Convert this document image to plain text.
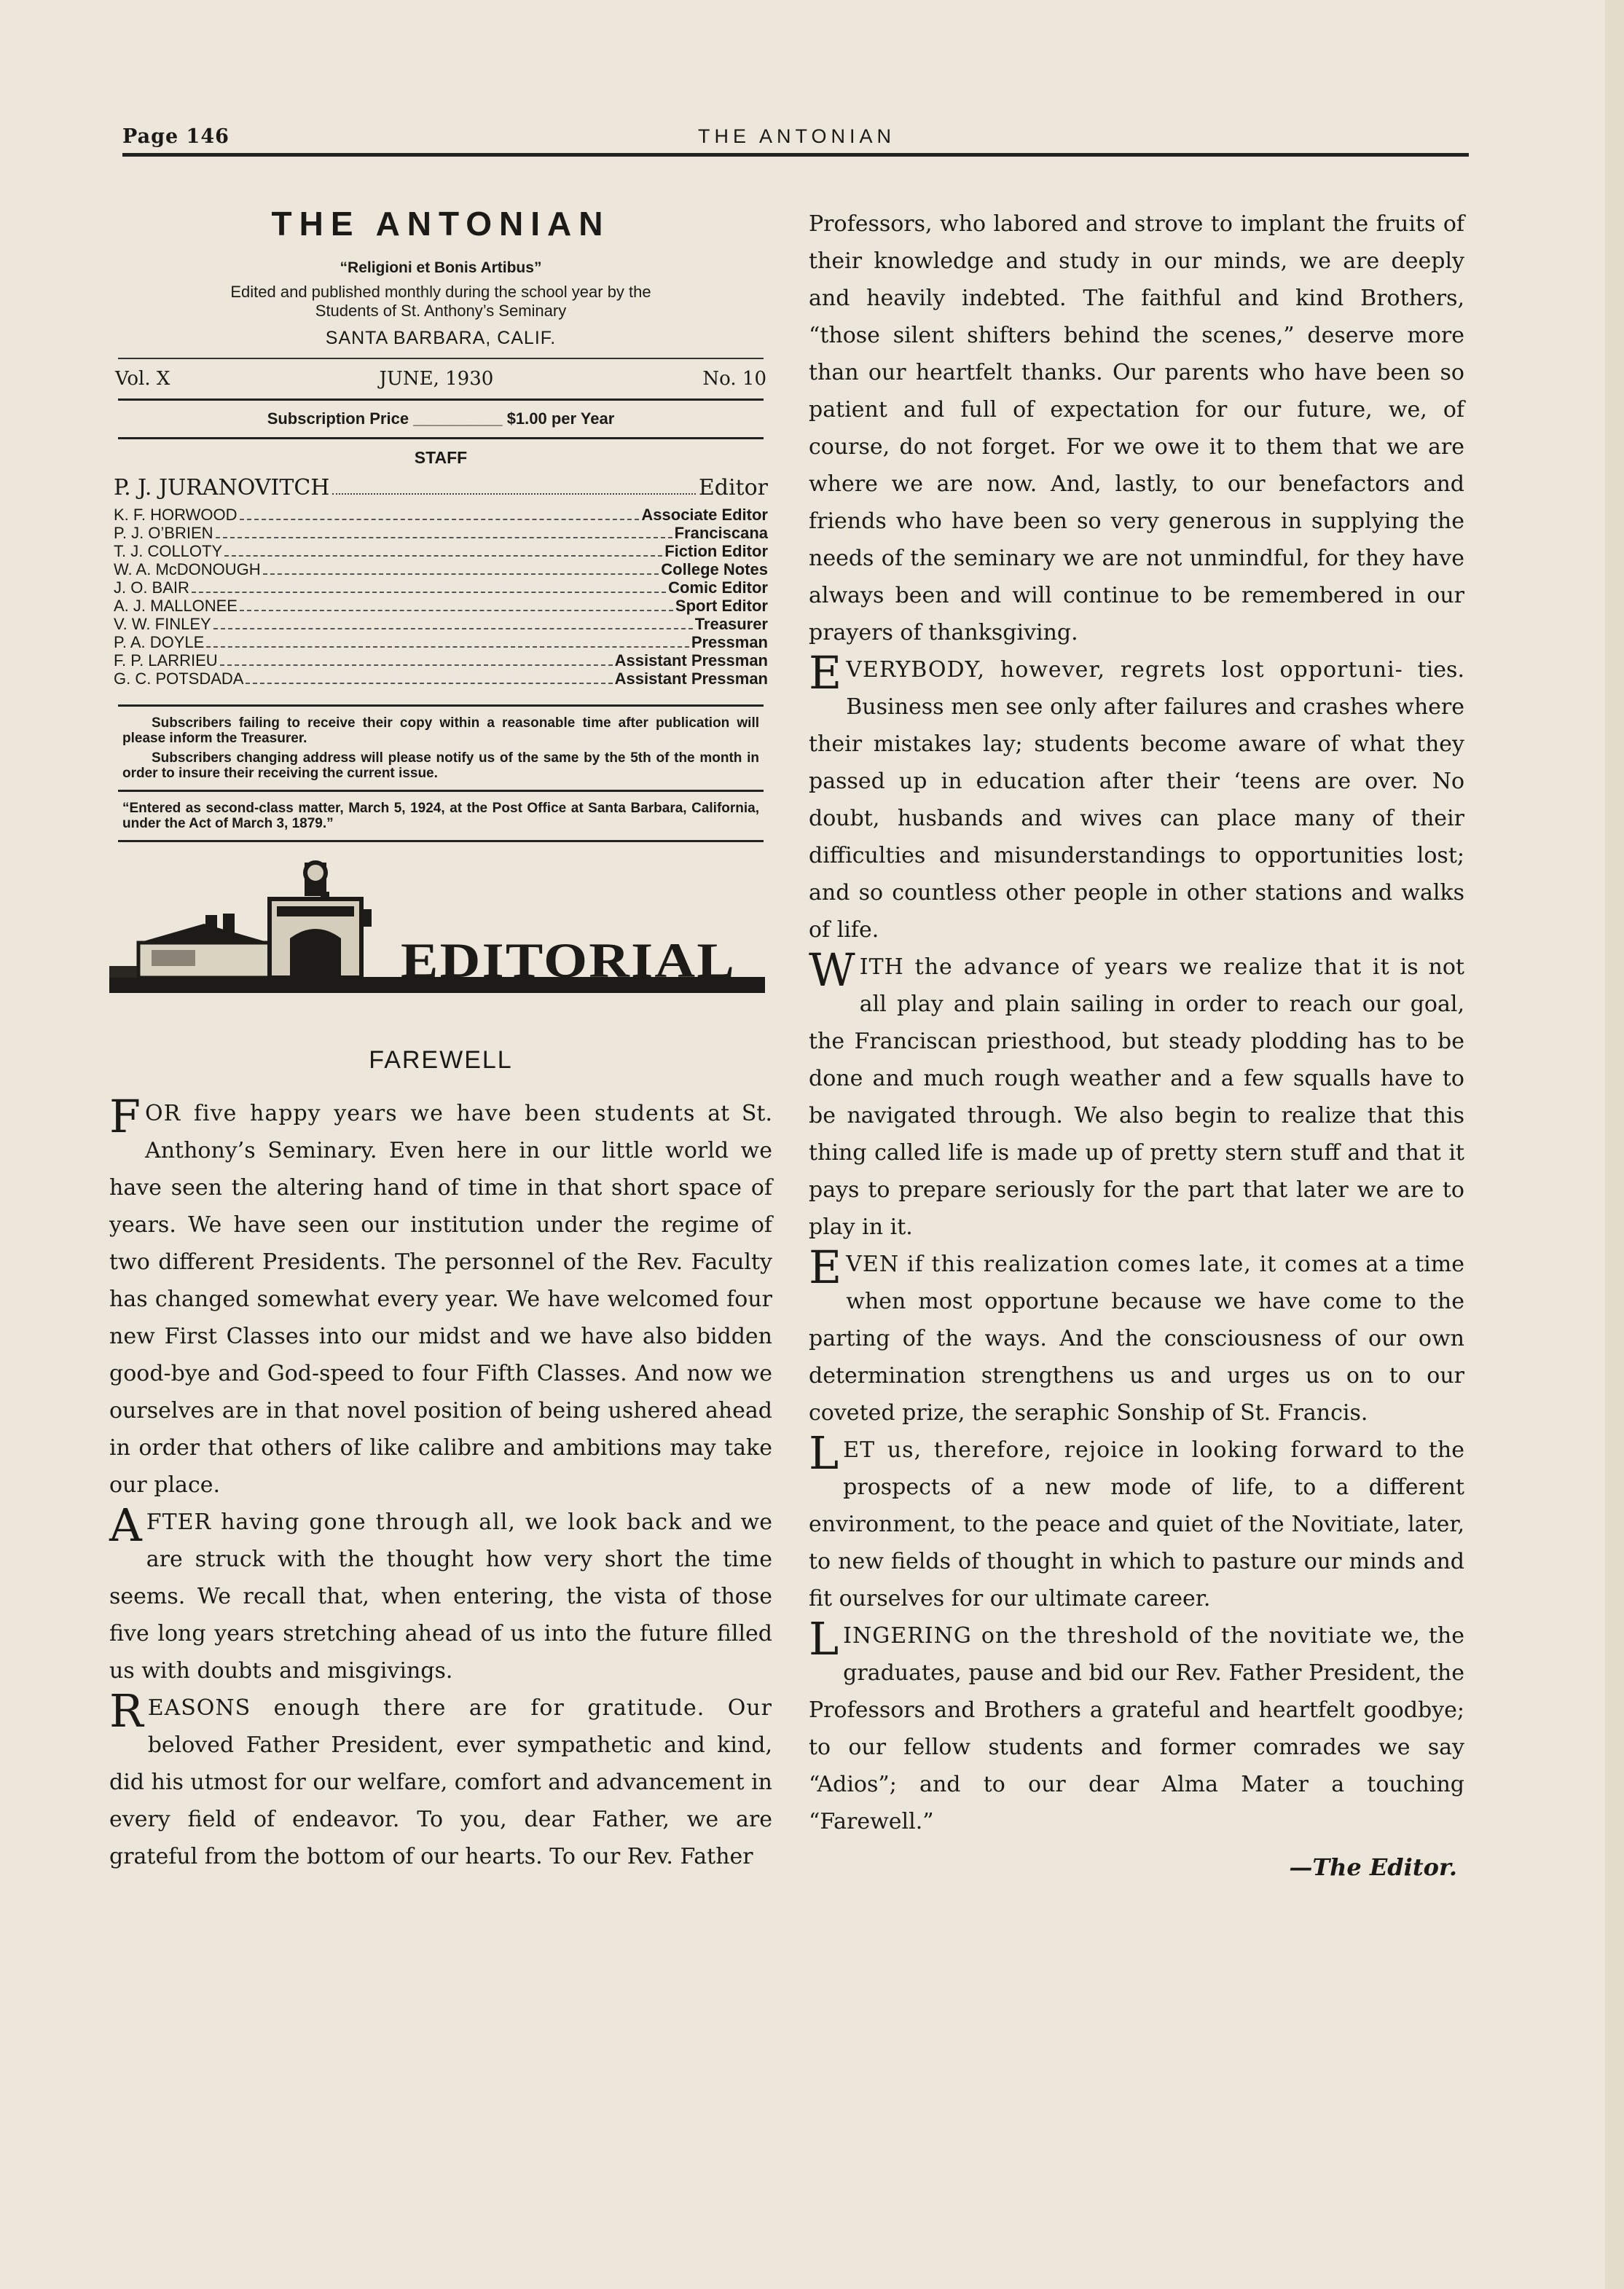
Page 146	THE ANTONIAN
THE ANTONIAN
“Religioni et Bonis Artibus”
Edited and published monthly during the school year by the
Students of St. Anthony’s Seminary
SANTA BARBARA, CALIF.
Vol. X	JUNE, 1930	No. 10
Subscription Price __________ $1.00 per Year
STAFF
P. J. JURANOVITCH	Editor
K. F. HORWOOD	Associate Editor
P. J. O’BRIEN	Franciscana
T. J. COLLOTY	Fiction Editor
W. A. McDONOUGH	College Notes
J. O. BAIR	Comic Editor
A. J. MALLONEE	Sport Editor
V. W. FINLEY	Treasurer
P. A. DOYLE	Pressman
F. P. LARRIEU	Assistant Pressman
G. C. POTSDADA	Assistant Pressman
Subscribers failing to receive their copy within a reasonable time after publication will please inform the Treasurer.
Subscribers changing address will please notify us of the same by the 5th of the month in order to insure their receiving the current issue.
“Entered as second-class matter, March 5, 1924, at the Post Office at Santa Barbara, California, under the Act of March 3, 1879.”
EDITORIAL
FAREWELL

FOR five happy years we have been students at St. Anthony’s Seminary. Even here in our little world we have seen the altering hand of time in that short space of years. We have seen our institution under the regime of two different Presidents. The personnel of the Rev. Faculty has changed somewhat every year. We have welcomed four new First Classes into our midst and we have also bidden good-bye and God-speed to four Fifth Classes. And now we ourselves are in that novel position of being ushered ahead in order that others of like calibre and ambitions may take our place.

AFTER having gone through all, we look back and we are struck with the thought how very short the time seems. We recall that, when entering, the vista of those five long years stretching ahead of us into the future filled us with doubts and misgivings.

REASONS enough there are for gratitude. Our beloved Father President, ever sympathetic and kind, did his utmost for our welfare, comfort and advancement in every field of endeavor. To you, dear Father, we are grateful from the bottom of our hearts. To our Rev. Father

Professors, who labored and strove to implant the fruits of their knowledge and study in our minds, we are deeply and heavily indebted. The faithful and kind Brothers, “those silent shifters behind the scenes,” deserve more than our heartfelt thanks. Our parents who have been so patient and full of expectation for our future, we, of course, do not forget. For we owe it to them that we are where we are now. And, lastly, to our benefactors and friends who have been so very generous in supplying the needs of the seminary we are not unmindful, for they have always been and will continue to be remembered in our prayers of thanksgiving.

EVERYBODY, however, regrets lost opportuni- ties. Business men see only after failures and crashes where their mistakes lay; students become aware of what they passed up in education after their ‘teens are over. No doubt, husbands and wives can place many of their difficulties and misunderstandings to opportunities lost; and so countless other people in other stations and walks of life.

WITH the advance of years we realize that it is not all play and plain sailing in order to reach our goal, the Franciscan priesthood, but steady plodding has to be done and much rough weather and a few squalls have to be navigated through. We also begin to realize that this thing called life is made up of pretty stern stuff and that it pays to prepare seriously for the part that later we are to play in it.

EVEN if this realization comes late, it comes at a time when most opportune because we have come to the parting of the ways. And the consciousness of our own determination strengthens us and urges us on to our coveted prize, the seraphic Sonship of St. Francis.

LET us, therefore, rejoice in looking forward to the prospects of a new mode of life, to a different environment, to the peace and quiet of the Novitiate, later, to new fields of thought in which to pasture our minds and fit ourselves for our ultimate career.

LINGERING on the threshold of the novitiate we, the graduates, pause and bid our Rev. Father President, the Professors and Brothers a grateful and heartfelt goodbye; to our fellow students and former comrades we say “Adios”; and to our dear Alma Mater a touching “Farewell.”

—The Editor.
